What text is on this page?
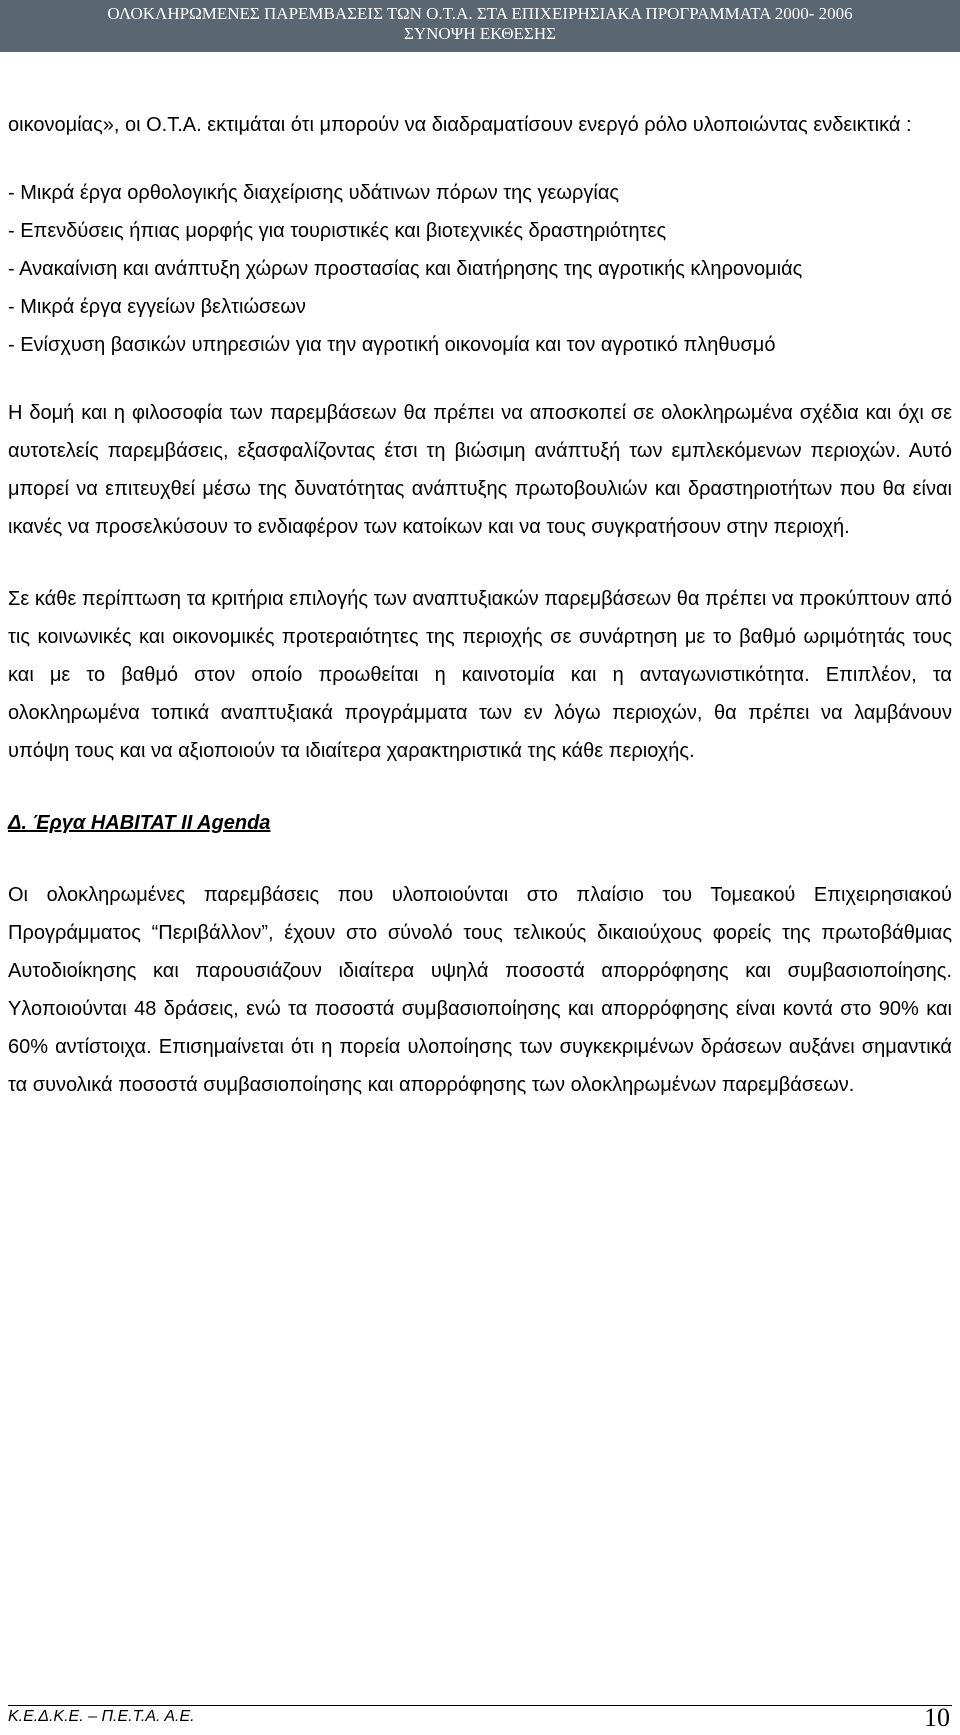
ΟΛΟΚΛΗΡΩΜΕΝΕΣ ΠΑΡΕΜΒΑΣΕΙΣ ΤΩΝ Ο.Τ.Α. ΣΤΑ ΕΠΙΧΕΙΡΗΣΙΑΚΑ ΠΡΟΓΡΑΜΜΑΤΑ 2000- 2006
ΣΥΝΟΨΗ ΕΚΘΕΣΗΣ

οικονομίας», οι Ο.Τ.Α. εκτιμάται ότι μπορούν να διαδραματίσουν ενεργό ρόλο υλοποιώντας ενδεικτικά :

- Μικρά έργα ορθολογικής διαχείρισης υδάτινων πόρων της γεωργίας
- Επενδύσεις ήπιας μορφής για τουριστικές και βιοτεχνικές δραστηριότητες
- Ανακαίνιση και ανάπτυξη χώρων προστασίας και διατήρησης της αγροτικής κληρονομιάς
- Μικρά έργα εγγείων βελτιώσεων
- Ενίσχυση βασικών υπηρεσιών για την αγροτική οικονομία και τον αγροτικό πληθυσμό

Η δομή και η φιλοσοφία των παρεμβάσεων θα πρέπει να αποσκοπεί σε ολοκληρωμένα σχέδια και όχι σε αυτοτελείς παρεμβάσεις, εξασφαλίζοντας έτσι τη βιώσιμη ανάπτυξή των εμπλεκόμενων περιοχών. Αυτό μπορεί να επιτευχθεί μέσω της δυνατότητας ανάπτυξης πρωτοβουλιών και δραστηριοτήτων που θα είναι ικανές να προσελκύσουν το ενδιαφέρον των κατοίκων και να τους συγκρατήσουν στην περιοχή.

Σε κάθε περίπτωση τα κριτήρια επιλογής των αναπτυξιακών παρεμβάσεων θα πρέπει να προκύπτουν από τις κοινωνικές και οικονομικές προτεραιότητες της περιοχής σε συνάρτηση με το βαθμό ωριμότητάς τους και με το βαθμό στον οποίο προωθείται η καινοτομία και η ανταγωνιστικότητα. Επιπλέον, τα ολοκληρωμένα τοπικά αναπτυξιακά προγράμματα των εν λόγω περιοχών, θα πρέπει να λαμβάνουν υπόψη τους και να αξιοποιούν τα ιδιαίτερα χαρακτηριστικά της κάθε περιοχής.

Δ. Έργα HABITAT II Agenda

Οι ολοκληρωμένες παρεμβάσεις που υλοποιούνται στο πλαίσιο του Τομεακού Επιχειρησιακού Προγράμματος “Περιβάλλον”, έχουν στο σύνολό τους τελικούς δικαιούχους φορείς της πρωτοβάθμιας Αυτοδιοίκησης και παρουσιάζουν ιδιαίτερα υψηλά ποσοστά απορρόφησης και συμβασιοποίησης. Υλοποιούνται 48 δράσεις, ενώ τα ποσοστά συμβασιοποίησης και απορρόφησης είναι κοντά στο 90% και 60% αντίστοιχα. Επισημαίνεται ότι η πορεία υλοποίησης των συγκεκριμένων δράσεων αυξάνει σημαντικά τα συνολικά ποσοστά συμβασιοποίησης και απορρόφησης των ολοκληρωμένων παρεμβάσεων.

Κ.Ε.Δ.Κ.Ε. – Π.Ε.Τ.Α. Α.Ε.	10
